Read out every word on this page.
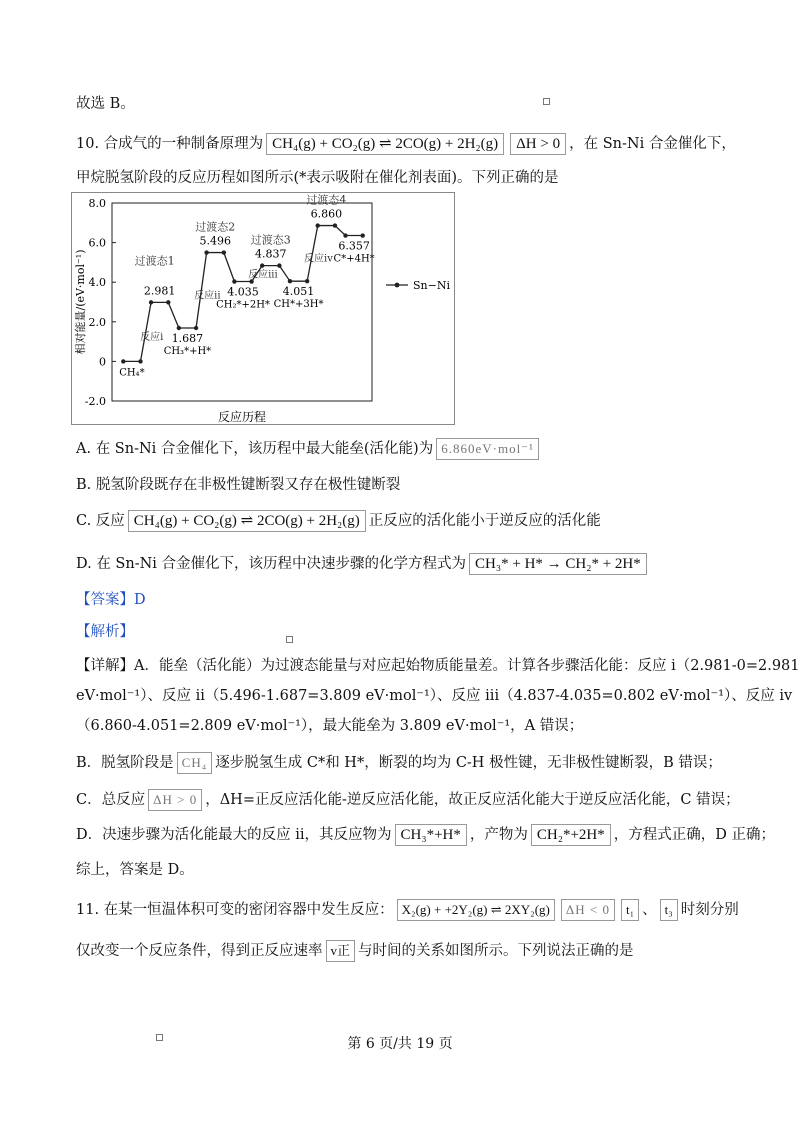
故选 B。
10. 合成气的一种制备原理为 CH₄(g) + CO₂(g) ⇌ 2CO(g) + 2H₂(g) ΔH > 0 ，在 Sn-Ni 合金催化下，
甲烷脱氢阶段的反应历程如图所示(*表示吸附在催化剂表面)。下列正确的是
8.0
6.0
4.0
2.0
0
-2.0
相对能量/(eV·mol⁻¹)
反应历程
2.981
1.687
5.496
4.035
4.837
4.051
6.860
6.357
CH₄*
CH₃*+H*
CH₂*+2H* CH*+3H*
C*+4H*
过渡态1
过渡态2
过渡态3
过渡态4
反应i
反应ii
反应iii
反应iv
Sn−Ni
A. 在 Sn-Ni 合金催化下，该历程中最大能垒(活化能)为 6.860eV·mol⁻¹
B. 脱氢阶段既存在非极性键断裂又存在极性键断裂
C. 反应 CH₄(g) + CO₂(g) ⇌ 2CO(g) + 2H₂(g) 正反应的活化能小于逆反应的活化能
D. 在 Sn-Ni 合金催化下，该历程中决速步骤的化学方程式为 CH₃* + H* → CH₂* + 2H*
【答案】D
【解析】
【详解】A．能垒（活化能）为过渡态能量与对应起始物质能量差。计算各步骤活化能：反应 i（2.981-0=2.981
eV·mol⁻¹）、反应 ii（5.496-1.687=3.809 eV·mol⁻¹）、反应 iii（4.837-4.035=0.802 eV·mol⁻¹）、反应 iv
（6.860-4.051=2.809 eV·mol⁻¹），最大能垒为 3.809 eV·mol⁻¹，A 错误；
B．脱氢阶段是 CH₄ 逐步脱氢生成 C*和 H*，断裂的均为 C-H 极性键，无非极性键断裂，B 错误；
C．总反应 ΔH > 0 ，ΔH=正反应活化能-逆反应活化能，故正反应活化能大于逆反应活化能，C 错误；
D．决速步骤为活化能最大的反应 ii，其反应物为 CH₃*+H* ，产物为 CH₂*+2H* ，方程式正确，D 正确；
综上，答案是 D。
11. 在某一恒温体积可变的密闭容器中发生反应： X₂(g) + +2Y₂(g) ⇌ 2XY₂(g) ΔH < 0 t₁ 、 t₃ 时刻分别
仅改变一个反应条件，得到正反应速率 v正 与时间的关系如图所示。下列说法正确的是
第 6 页/共 19 页
